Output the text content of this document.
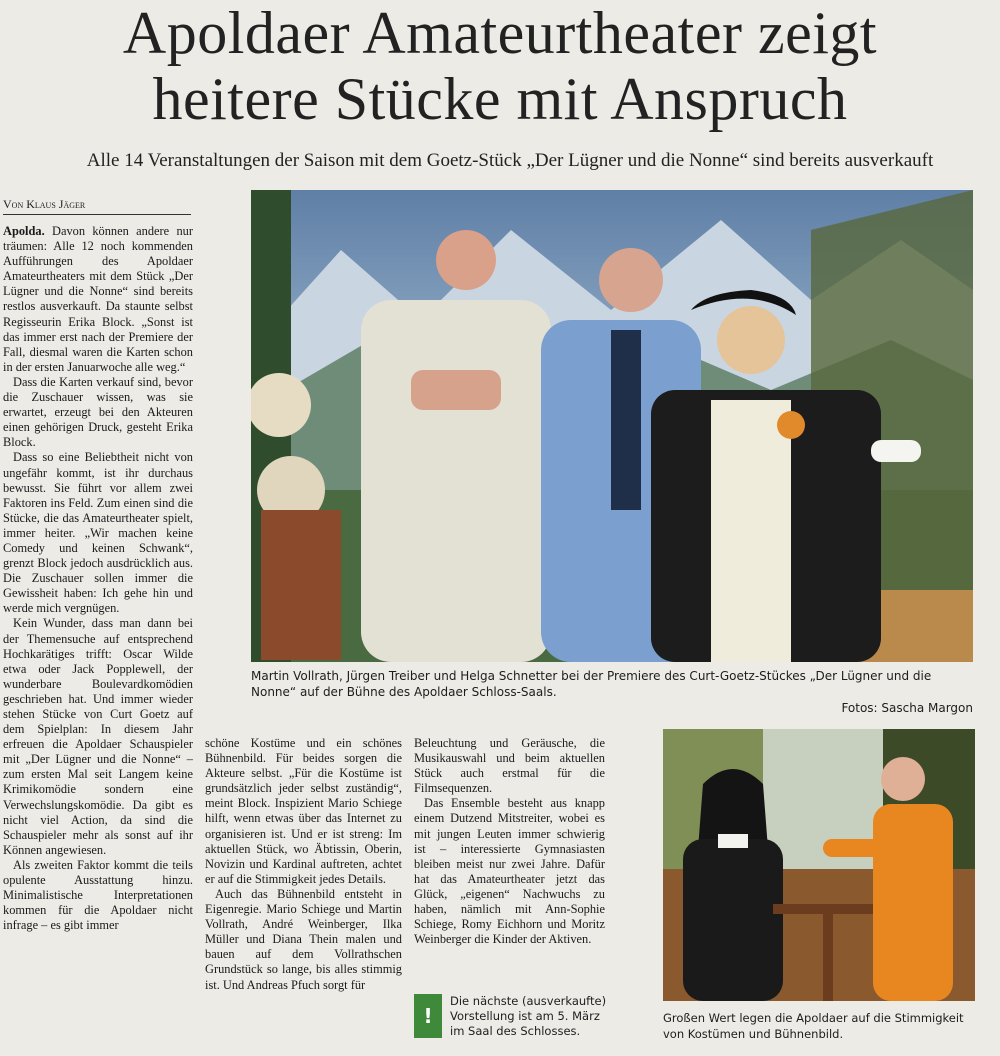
Apoldaer Amateurtheater zeigt
heitere Stücke mit Anspruch
Alle 14 Veranstaltungen der Saison mit dem Goetz-Stück „Der Lügner und die Nonne“ sind bereits ausverkauft
Von Klaus Jäger

Apolda. Davon können andere nur träumen: Alle 12 noch kommenden Aufführungen des Apoldaer Amateurtheaters mit dem Stück „Der Lügner und die Nonne“ sind bereits restlos ausverkauft. Da staunte selbst Regisseurin Erika Block. „Sonst ist das immer erst nach der Premiere der Fall, diesmal waren die Karten schon in der ersten Januarwoche alle weg.“

Dass die Karten verkauf sind, bevor die Zuschauer wissen, was sie erwartet, erzeugt bei den Akteuren einen gehörigen Druck, gesteht Erika Block.

Dass so eine Beliebtheit nicht von ungefähr kommt, ist ihr durchaus bewusst. Sie führt vor allem zwei Faktoren ins Feld. Zum einen sind die Stücke, die das Amateurtheater spielt, immer heiter. „Wir machen keine Comedy und keinen Schwank“, grenzt Block jedoch ausdrücklich aus. Die Zuschauer sollen immer die Gewissheit haben: Ich gehe hin und werde mich vergnügen.

Kein Wunder, dass man dann bei der Themensuche auf entsprechend Hochkarätiges trifft: Oscar Wilde etwa oder Jack Popplewell, der wunderbare Boulevardkomödien geschrieben hat. Und immer wieder stehen Stücke von Curt Goetz auf dem Spielplan: In diesem Jahr erfreuen die Apoldaer Schauspieler mit „Der Lügner und die Nonne“ – zum ersten Mal seit Langem keine Krimikomödie sondern eine Verwechslungskomödie. Da gibt es nicht viel Action, da sind die Schauspieler mehr als sonst auf ihr Können angewiesen.

Als zweiten Faktor kommt die teils opulente Ausstattung hinzu. Minimalistische Interpretationen kommen für die Apoldaer nicht infrage – es gibt immer

Martin Vollrath, Jürgen Treiber und Helga Schnetter bei der Premiere des Curt-Goetz-Stückes „Der Lügner und die Nonne“ auf der Bühne des Apoldaer Schloss-Saals.
Fotos: Sascha Margon

schöne Kostüme und ein schönes Bühnenbild. Für beides sorgen die Akteure selbst. „Für die Kostüme ist grundsätzlich jeder selbst zuständig“, meint Block. Inspizient Mario Schiege hilft, wenn etwas über das Internet zu organisieren ist. Und er ist streng: Im aktuellen Stück, wo Äbtissin, Oberin, Novizin und Kardinal auftreten, achtet er auf die Stimmigkeit jedes Details.

Auch das Bühnenbild entsteht in Eigenregie. Mario Schiege und Martin Vollrath, André Weinberger, Ilka Müller und Diana Thein malen und bauen auf dem Vollrathschen Grundstück so lange, bis alles stimmig ist. Und Andreas Pfuch sorgt für

Beleuchtung und Geräusche, die Musikauswahl und beim aktuellen Stück auch erstmal für die Filmsequenzen.

Das Ensemble besteht aus knapp einem Dutzend Mitstreiter, wobei es mit jungen Leuten immer schwierig ist – interessierte Gymnasiasten bleiben meist nur zwei Jahre. Dafür hat das Amateurtheater jetzt das Glück, „eigenen“ Nachwuchs zu haben, nämlich mit Ann-Sophie Schiege, Romy Eichhorn und Moritz Weinberger die Kinder der Aktiven.

!
Die nächste (ausverkaufte) Vorstellung ist am 5. März im Saal des Schlosses.
Großen Wert legen die Apoldaer auf die Stimmigkeit von Kostümen und Bühnenbild.
